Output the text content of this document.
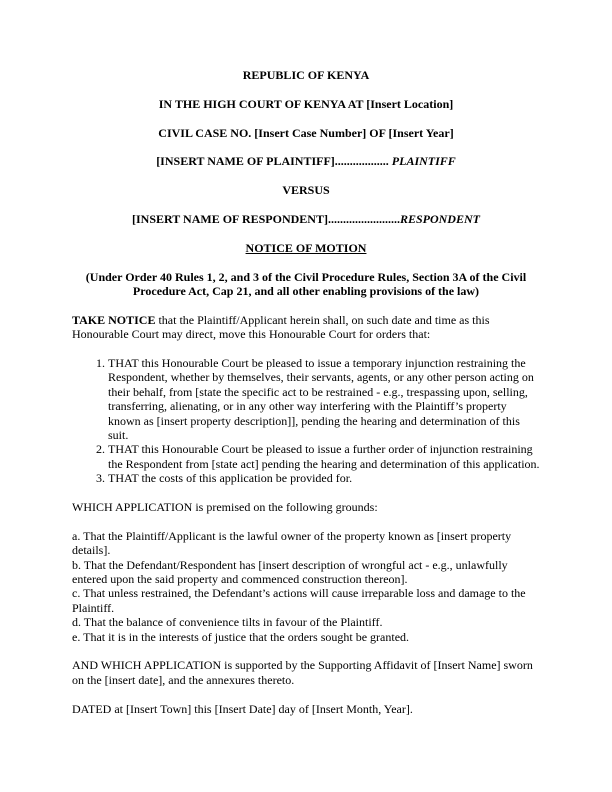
REPUBLIC OF KENYA
IN THE HIGH COURT OF KENYA AT [Insert Location]
CIVIL CASE NO. [Insert Case Number] OF [Insert Year]
[INSERT NAME OF PLAINTIFF].................. PLAINTIFF
VERSUS
[INSERT NAME OF RESPONDENT]........................RESPONDENT
NOTICE OF MOTION
(Under Order 40 Rules 1, 2, and 3 of the Civil Procedure Rules, Section 3A of the Civil Procedure Act, Cap 21, and all other enabling provisions of the law)

TAKE NOTICE that the Plaintiff/Applicant herein shall, on such date and time as this Honourable Court may direct, move this Honourable Court for orders that:

1. THAT this Honourable Court be pleased to issue a temporary injunction restraining the Respondent, whether by themselves, their servants, agents, or any other person acting on their behalf, from [state the specific act to be restrained - e.g., trespassing upon, selling, transferring, alienating, or in any other way interfering with the Plaintiff’s property known as [insert property description]], pending the hearing and determination of this suit.
2. THAT this Honourable Court be pleased to issue a further order of injunction restraining the Respondent from [state act] pending the hearing and determination of this application.
3. THAT the costs of this application be provided for.

WHICH APPLICATION is premised on the following grounds:

a. That the Plaintiff/Applicant is the lawful owner of the property known as [insert property details].
b. That the Defendant/Respondent has [insert description of wrongful act - e.g., unlawfully entered upon the said property and commenced construction thereon].
c. That unless restrained, the Defendant’s actions will cause irreparable loss and damage to the Plaintiff.
d. That the balance of convenience tilts in favour of the Plaintiff.
e. That it is in the interests of justice that the orders sought be granted.

AND WHICH APPLICATION is supported by the Supporting Affidavit of [Insert Name] sworn on the [insert date], and the annexures thereto.

DATED at [Insert Town] this [Insert Date] day of [Insert Month, Year].
